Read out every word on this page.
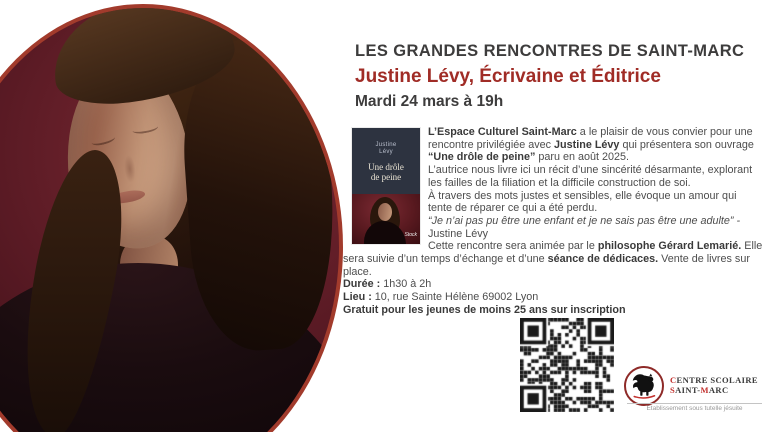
LES GRANDES RENCONTRES DE SAINT-MARC
Justine Lévy, Écrivaine et Éditrice
Mardi 24 mars à 19h
Justine
Lévy
Une drôle
de peine
Stock

L’Espace Culturel Saint-Marc a le plaisir de vous convier pour une rencontre privilégiée avec Justine Lévy qui présentera son ouvrage “Une drôle de peine” paru en août 2025.

L’autrice nous livre ici un récit d’une sincérité désarmante, explorant les failles de la filiation et la difficile construction de soi.

À travers des mots justes et sensibles, elle évoque un amour qui tente de réparer ce qui a été perdu.

“Je n’ai pas pu être une enfant et je ne sais pas être une adulte” - Justine Lévy

Cette rencontre sera animée par le philosophe Gérard Lemarié. Elle sera suivie d’un temps d’échange et d’une séance de dédicaces. Vente de livres sur place.

Durée : 1h30 à 2h

Lieu : 10, rue Sainte Hélène 69002 Lyon

Gratuit pour les jeunes de moins 25 ans sur inscription

CENTRE SCOLAIRE
SAINT-MARC
Etablissement sous tutelle jésuite
